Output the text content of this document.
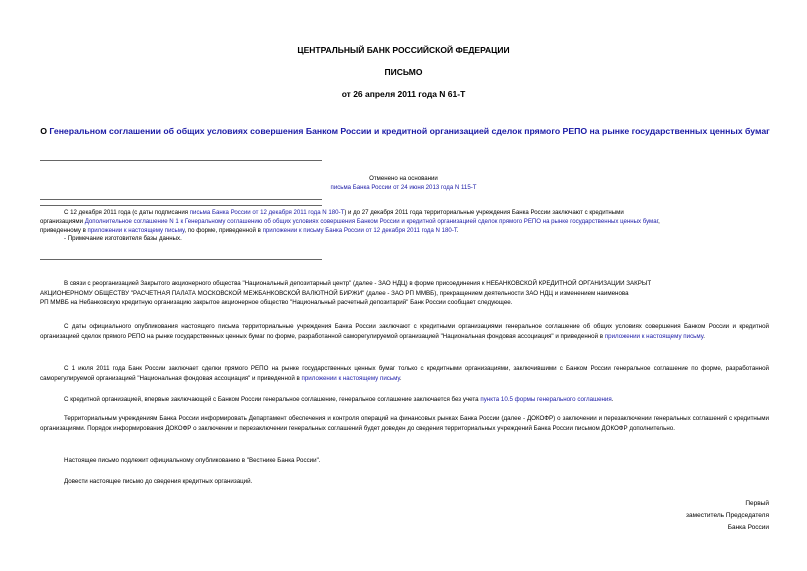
ЦЕНТРАЛЬНЫЙ БАНК РОССИЙСКОЙ ФЕДЕРАЦИИ
ПИСЬМО
от 26 апреля 2011 года N 61-Т
О Генеральном соглашении об общих условиях совершения Банком России и кредитной организацией сделок прямого РЕПО на рынке государственных ценных бумаг
Отменено на основании
письма Банка России от 24 июня 2013 года N 115-Т
С 12 декабря 2011 года (с даты подписания письма Банка России от 12 декабря 2011 года N 180-Т) и до 27 декабря 2011 года территориальные учреждения Банка России заключают с кредитными
организациями Дополнительное соглашение N 1 к Генеральному соглашению об общих условиях совершения Банком России и кредитной организацией сделок прямого РЕПО на рынке государственных ценных бумаг,
приведенному в приложении к настоящему письму, по форме, приведенной в приложении к письму Банка России от 12 декабря 2011 года N 180-Т.
- Примечание изготовителя базы данных.
В связи с реорганизацией Закрытого акционерного общества "Национальный депозитарный центр" (далее - ЗАО НДЦ) в форме присоединения к НЕБАНКОВСКОЙ КРЕДИТНОЙ ОРГАНИЗАЦИИ ЗАКРЫТ
АКЦИОНЕРНОМУ ОБЩЕСТВУ "РАСЧЕТНАЯ ПАЛАТА МОСКОВСКОЙ МЕЖБАНКОВСКОЙ ВАЛЮТНОЙ БИРЖИ" (далее - ЗАО РП ММВБ), прекращением деятельности ЗАО НДЦ и изменением наименова
РП ММВБ на Небанковскую кредитную организацию закрытое акционерное общество "Национальный расчетный депозитарий" Банк России сообщает следующее.
С даты официального опубликования настоящего письма территориальные учреждения Банка России заключают с кредитными организациями генеральное соглашение об общих условиях совершения Банком России и кредитной организацией сделок прямого РЕПО на рынке государственных ценных бумаг по форме, разработанной саморегулируемой организацией "Национальная фондовая ассоциация" и приведенной в приложении к настоящему письму.
С 1 июля 2011 года Банк России заключает сделки прямого РЕПО на рынке государственных ценных бумаг только с кредитными организациями, заключившими с Банком России генеральное соглашение по форме, разработанной саморегулируемой организацией "Национальная фондовая ассоциация" и приведенной в приложении к настоящему письму.
С кредитной организацией, впервые заключающей с Банком России генеральное соглашение, генеральное соглашение заключается без учета пункта 10.5 формы генерального соглашения.
Территориальным учреждениям Банка России информировать Департамент обеспечения и контроля операций на финансовых рынках Банка России (далее - ДОКОФР) о заключении и перезаключении генеральных соглашений с кредитными организациями. Порядок информирования ДОКОФР о заключении и перезаключении генеральных соглашений будет доведен до сведения территориальных учреждений Банка России письмом ДОКОФР дополнительно.
Настоящее письмо подлежит официальному опубликованию в "Вестнике Банка России".
Довести настоящее письмо до сведения кредитных организаций.
Первый
заместитель Председателя
Банка России
